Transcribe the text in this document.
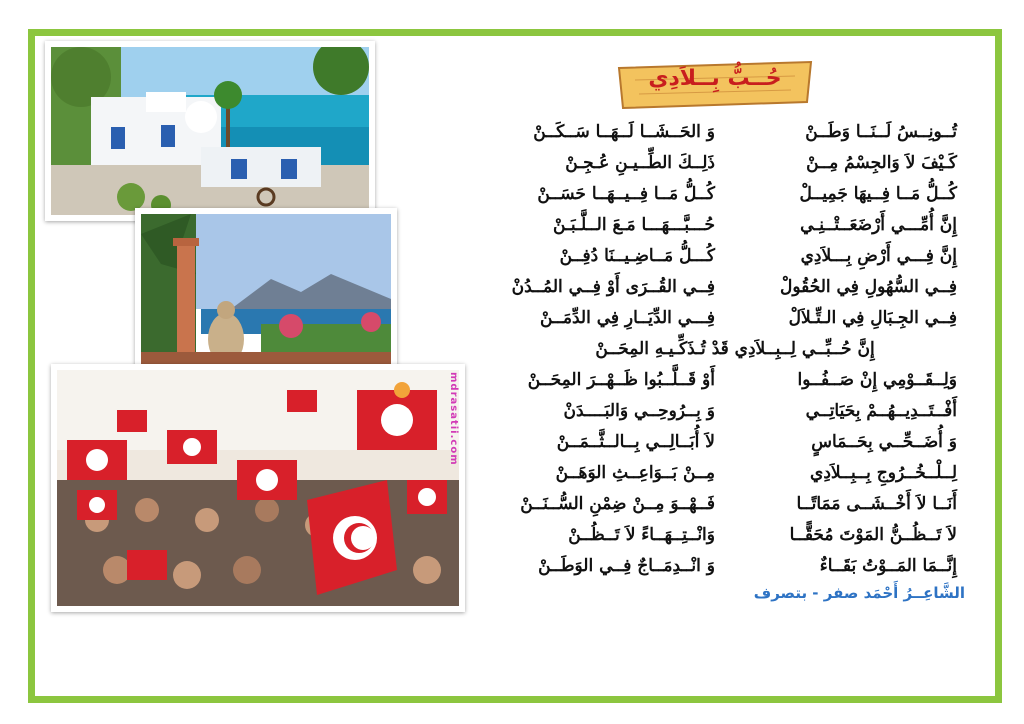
mdrasatii.com
حُــبُّ بِــلاَدِي
تُــونِــسُ لَــنَــا وَطَــنْ
وَ الحَــشَــا لَــهَــا سَــكَــنْ
كَـيْفَ لاَ وَالجِسْمُ مِــنْ
ذَلِــكَ الطِّــيـنِ عُـجِـنْ
كُــلُّ مَــا فِــيهَا جَمِيــلْ
كُــلُّ مَــا فِــيــهَــا حَسَــنْ
إِنَّ أُمِّـــي أَرْضَعَــتْــنِـي
حُـــبَّـــهَـــا مَـعَ الــلَّـبَـنْ
إِنَّ فِـــي أَرْضِ بِـــلاَدِي
كُـــلُّ مَــاضِـيــنَا دُفِــنْ
فِــي السُّهُولِ فِي الحُقُولْ
فِــي القُــرَى أَوْ فِــي المُــدُنْ
فِــي الجِـبَالِ فِي الـتِّـلاَلْ
فِـــي الدِّيَــارِ فِي الدِّمَــنْ
إِنَّ حُــبِّــي لِــبِــلاَدِي قَدْ تُـذَكِّـيـهِ المِحَــنْ
وَلِــقَــوْمِي إِنْ صَــفُــوا
أَوْ قَــلَّــبُوا ظَــهْــرَ المِحَــنْ
أَفْــتَــدِيــهُــمْ بِحَيَاتِــي
وَ بِــرُوحِــي وَالبَــــدَنْ
وَ أُضَــحِّــي بِحَــمَاسٍ
لاَ أُبَــالِــي بِــالــثَّــمَــنْ
لِــلْــخُــرُوجِ بِــبِــلاَدِي
مِــنْ بَــوَاعِــثِ الوَهَــنْ
أَنَــا لاَ أَخْــشَــى مَمَاتًــا
فَــهْــوَ مِــنْ ضِمْنِ السُّــنَــنْ
لاَ تَــظُــنُّ المَوْتَ مُحَقًّــا
وَانْــتِــهَــاءً لاَ تَــظُــنْ
إِنَّــمَا المَــوْتُ بَقَــاءٌ
وَ انْــدِمَــاجٌ فِــي الوَطَــنْ
الشَّاعِــرُ أَحْمَد صفر - بتصرف
